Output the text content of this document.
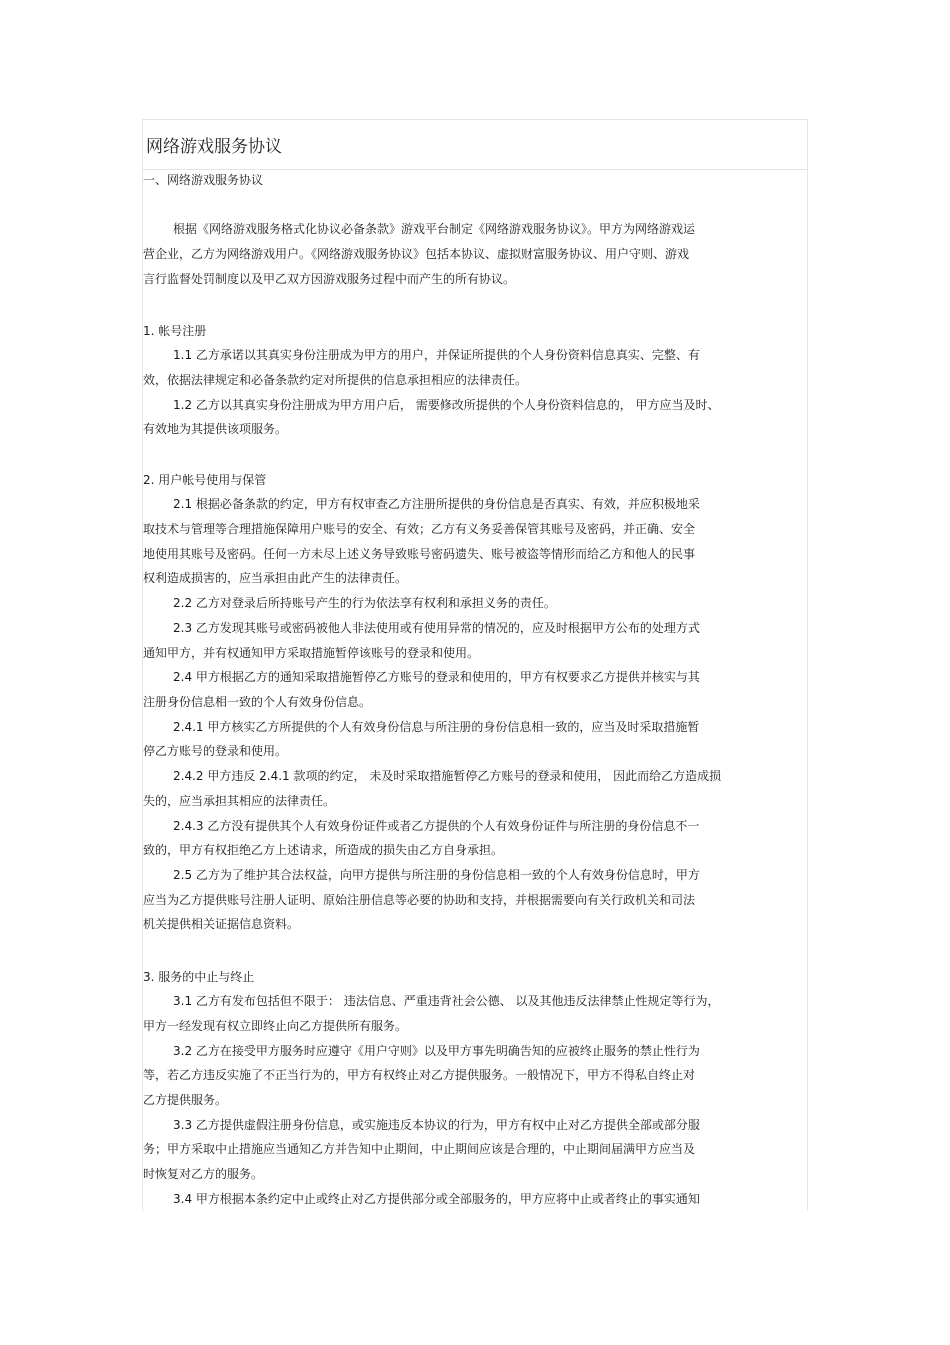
网络游戏服务协议
一、网络游戏服务协议
根据《网络游戏服务格式化协议必备条款》游戏平台制定《网络游戏服务协议》。甲方为网络游戏运
营企业，乙方为网络游戏用户。《网络游戏服务协议》包括本协议、虚拟财富服务协议、用户守则、游戏
言行监督处罚制度以及甲乙双方因游戏服务过程中而产生的所有协议。
1. 帐号注册
1.1 乙方承诺以其真实身份注册成为甲方的用户，并保证所提供的个人身份资料信息真实、完整、有
效，依据法律规定和必备条款约定对所提供的信息承担相应的法律责任。
1.2 乙方以其真实身份注册成为甲方用户后， 需要修改所提供的个人身份资料信息的， 甲方应当及时、
有效地为其提供该项服务。
2. 用户帐号使用与保管
2.1 根据必备条款的约定，甲方有权审查乙方注册所提供的身份信息是否真实、有效，并应积极地采
取技术与管理等合理措施保障用户账号的安全、有效；乙方有义务妥善保管其账号及密码，并正确、安全
地使用其账号及密码。任何一方未尽上述义务导致账号密码遗失、账号被盗等情形而给乙方和他人的民事
权利造成损害的，应当承担由此产生的法律责任。
2.2 乙方对登录后所持账号产生的行为依法享有权利和承担义务的责任。
2.3 乙方发现其账号或密码被他人非法使用或有使用异常的情况的，应及时根据甲方公布的处理方式
通知甲方，并有权通知甲方采取措施暂停该账号的登录和使用。
2.4 甲方根据乙方的通知采取措施暂停乙方账号的登录和使用的，甲方有权要求乙方提供并核实与其
注册身份信息相一致的个人有效身份信息。
2.4.1 甲方核实乙方所提供的个人有效身份信息与所注册的身份信息相一致的，应当及时采取措施暂
停乙方账号的登录和使用。
2.4.2 甲方违反 2.4.1 款项的约定， 未及时采取措施暂停乙方账号的登录和使用， 因此而给乙方造成损
失的，应当承担其相应的法律责任。
2.4.3 乙方没有提供其个人有效身份证件或者乙方提供的个人有效身份证件与所注册的身份信息不一
致的，甲方有权拒绝乙方上述请求，所造成的损失由乙方自身承担。
2.5 乙方为了维护其合法权益，向甲方提供与所注册的身份信息相一致的个人有效身份信息时，甲方
应当为乙方提供账号注册人证明、原始注册信息等必要的协助和支持，并根据需要向有关行政机关和司法
机关提供相关证据信息资料。
3. 服务的中止与终止
3.1 乙方有发布包括但不限于： 违法信息、严重违背社会公德、 以及其他违反法律禁止性规定等行为，
甲方一经发现有权立即终止向乙方提供所有服务。
3.2 乙方在接受甲方服务时应遵守《用户守则》以及甲方事先明确告知的应被终止服务的禁止性行为
等，若乙方违反实施了不正当行为的，甲方有权终止对乙方提供服务。一般情况下，甲方不得私自终止对
乙方提供服务。
3.3 乙方提供虚假注册身份信息，或实施违反本协议的行为，甲方有权中止对乙方提供全部或部分服
务；甲方采取中止措施应当通知乙方并告知中止期间，中止期间应该是合理的，中止期间届满甲方应当及
时恢复对乙方的服务。
3.4 甲方根据本条约定中止或终止对乙方提供部分或全部服务的，甲方应将中止或者终止的事实通知
